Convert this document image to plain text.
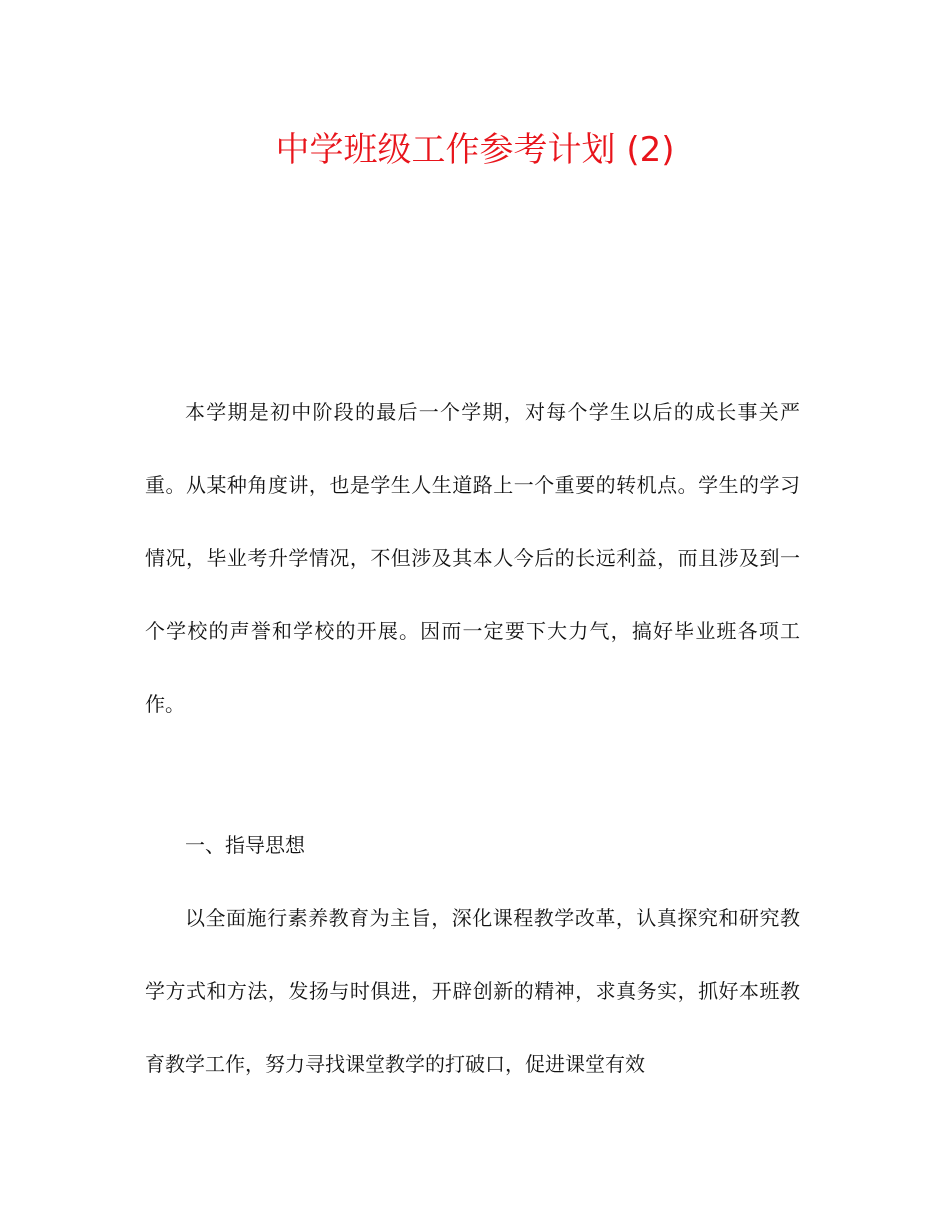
中学班级工作参考计划 (2)

本学期是初中阶段的最后一个学期，对每个学生以后的成长事关严重。从某种角度讲，也是学生人生道路上一个重要的转机点。学生的学习情况，毕业考升学情况，不但涉及其本人今后的长远利益，而且涉及到一个学校的声誉和学校的开展。因而一定要下大力气，搞好毕业班各项工作。

一、指导思想

以全面施行素养教育为主旨，深化课程教学改革，认真探究和研究教学方式和方法，发扬与时俱进，开辟创新的精神，求真务实，抓好本班教育教学工作，努力寻找课堂教学的打破口，促进课堂有效
